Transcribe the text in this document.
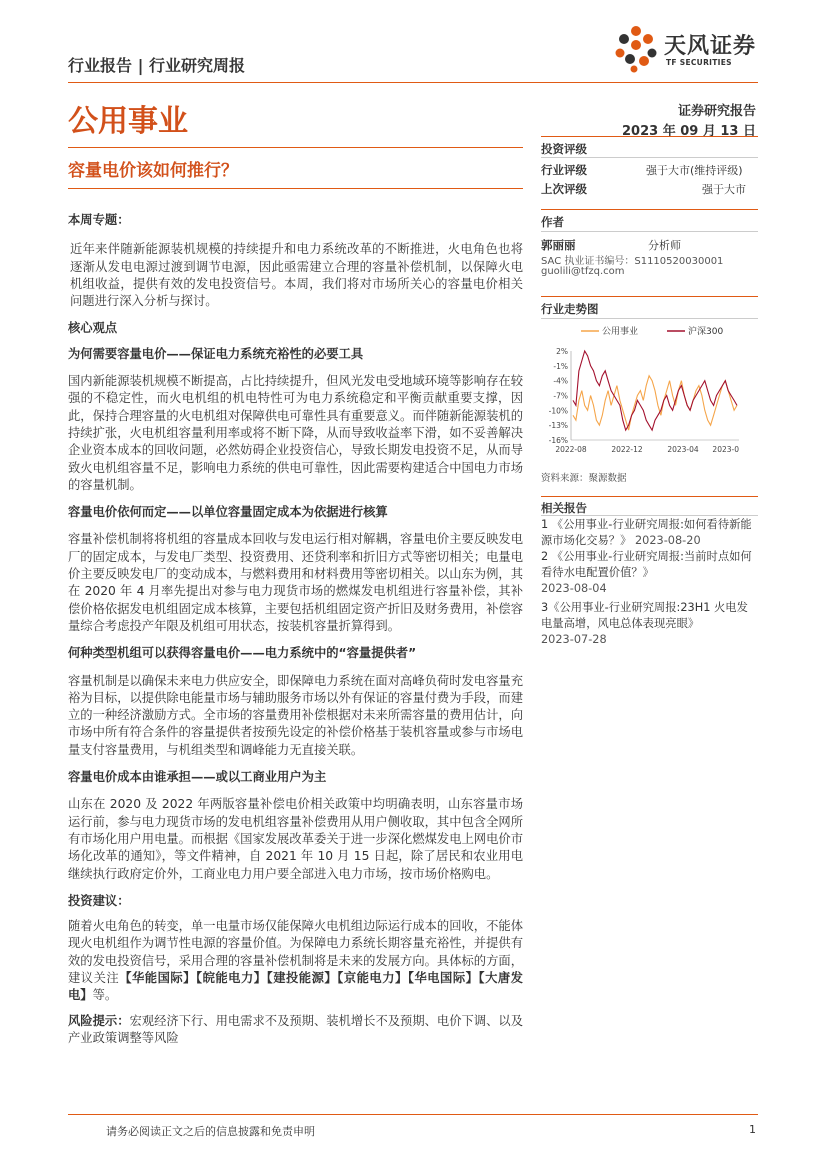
行业报告 | 行业研究周报
天风证券
TF SECURITIES
公用事业	证券研究报告
2023 年 09 月 13 日
容量电价该如何推行？

本周专题：

近年来伴随新能源装机规模的持续提升和电力系统改革的不断推进，火电角色也将逐渐从发电电源过渡到调节电源，因此亟需建立合理的容量补偿机制，以保障火电机组收益，提供有效的发电投资信号。本周，我们将对市场所关心的容量电价相关问题进行深入分析与探讨。

核心观点

为何需要容量电价——保证电力系统充裕性的必要工具

国内新能源装机规模不断提高，占比持续提升，但风光发电受地域环境等影响存在较强的不稳定性，而火电机组的机电特性可为电力系统稳定和平衡贡献重要支撑，因此，保持合理容量的火电机组对保障供电可靠性具有重要意义。而伴随新能源装机的持续扩张，火电机组容量利用率或将不断下降，从而导致收益率下滑，如不妥善解决企业资本成本的回收问题，必然妨碍企业投资信心，导致长期发电投资不足，从而导致火电机组容量不足，影响电力系统的供电可靠性，因此需要构建适合中国电力市场的容量机制。

容量电价依何而定——以单位容量固定成本为依据进行核算

容量补偿机制将将机组的容量成本回收与发电运行相对解耦，容量电价主要反映发电厂的固定成本，与发电厂类型、投资费用、还贷利率和折旧方式等密切相关；电量电价主要反映发电厂的变动成本，与燃料费用和材料费用等密切相关。以山东为例，其在 2020 年 4 月率先提出对参与电力现货市场的燃煤发电机组进行容量补偿，其补偿价格依据发电机组固定成本核算，主要包括机组固定资产折旧及财务费用，补偿容量综合考虑投产年限及机组可用状态，按装机容量折算得到。

何种类型机组可以获得容量电价——电力系统中的“容量提供者”

容量机制是以确保未来电力供应安全，即保障电力系统在面对高峰负荷时发电容量充裕为目标，以提供除电能量市场与辅助服务市场以外有保证的容量付费为手段，而建立的一种经济激励方式。全市场的容量费用补偿根据对未来所需容量的费用估计，向市场中所有符合条件的容量提供者按预先设定的补偿价格基于装机容量或参与市场电量支付容量费用，与机组类型和调峰能力无直接关联。

容量电价成本由谁承担——或以工商业用户为主

山东在 2020 及 2022 年两版容量补偿电价相关政策中均明确表明，山东容量市场运行前，参与电力现货市场的发电机组容量补偿费用从用户侧收取，其中包含全网所有市场化用户用电量。而根据《国家发展改革委关于进一步深化燃煤发电上网电价市场化改革的通知》，等文件精神，自 2021 年 10 月 15 日起，除了居民和农业用电继续执行政府定价外，工商业电力用户要全部进入电力市场，按市场价格购电。

投资建议：

随着火电角色的转变，单一电量市场仅能保障火电机组边际运行成本的回收，不能体现火电机组作为调节性电源的容量价值。为保障电力系统长期容量充裕性，并提供有效的发电投资信号，采用合理的容量补偿机制将是未来的发展方向。具体标的方面，建议关注【华能国际】【皖能电力】【建投能源】【京能电力】【华电国际】【大唐发电】等。

风险提示：宏观经济下行、用电需求不及预期、装机增长不及预期、电价下调、以及产业政策调整等风险

投资评级
行业评级	强于大市(维持评级)
上次评级	强于大市
作者
郭丽丽	分析师
SAC 执业证书编号：S1110520030001
guolili@tfzq.com
行业走势图
公用事业	沪深300
2%
-1%
-4%
-7%
-10%
-13%
-16%
2022-08	2022-12	2023-04 2023-0
资料来源：聚源数据
相关报告
1 《公用事业-行业研究周报:如何看待新能源市场化交易？》 2023-08-20
2 《公用事业-行业研究周报:当前时点如何看待水电配置价值？》
2023-08-04
3《公用事业-行业研究周报:23H1 火电发电量高增，风电总体表现亮眼》
2023-07-28
请务必阅读正文之后的信息披露和免责申明	1
